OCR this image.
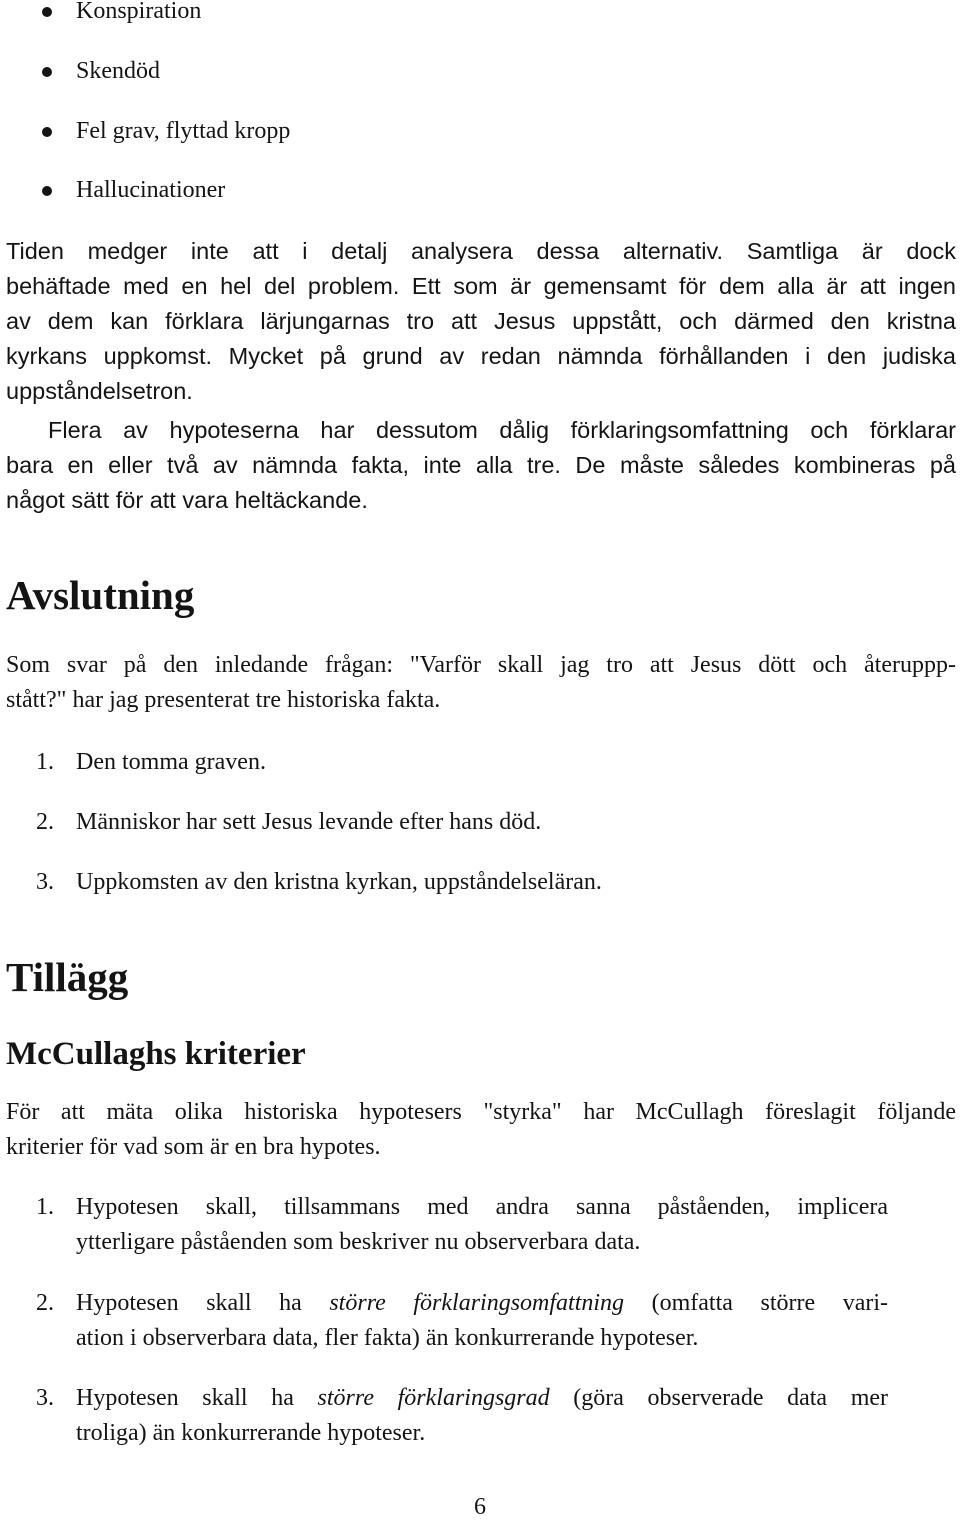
Konspiration
Skendöd
Fel grav, flyttad kropp
Hallucinationer
Tiden medger inte att i detalj analysera dessa alternativ. Samtliga är dock
behäftade med en hel del problem. Ett som är gemensamt för dem alla är att ingen
av dem kan förklara lärjungarnas tro att Jesus uppstått, och därmed den kristna
kyrkans uppkomst. Mycket på grund av redan nämnda förhållanden i den judiska
uppståndelsetron.
Flera av hypoteserna har dessutom dålig förklaringsomfattning och förklarar
bara en eller två av nämnda fakta, inte alla tre. De måste således kombineras på
något sätt för att vara heltäckande.
Avslutning
Som svar på den inledande frågan: "Varför skall jag tro att Jesus dött och återuppp-
stått?" har jag presenterat tre historiska fakta.
1. Den tomma graven.
2. Människor har sett Jesus levande efter hans död.
3. Uppkomsten av den kristna kyrkan, uppståndelseläran.
Tillägg
McCullaghs kriterier
För att mäta olika historiska hypotesers "styrka" har McCullagh föreslagit följande
kriterier för vad som är en bra hypotes.
1. Hypotesen skall, tillsammans med andra sanna påståenden, implicera
ytterligare påståenden som beskriver nu observerbara data.
2. Hypotesen skall ha större förklaringsomfattning (omfatta större vari-
ation i observerbara data, fler fakta) än konkurrerande hypoteser.
3. Hypotesen skall ha större förklaringsgrad (göra observerade data mer
troliga) än konkurrerande hypoteser.
6
